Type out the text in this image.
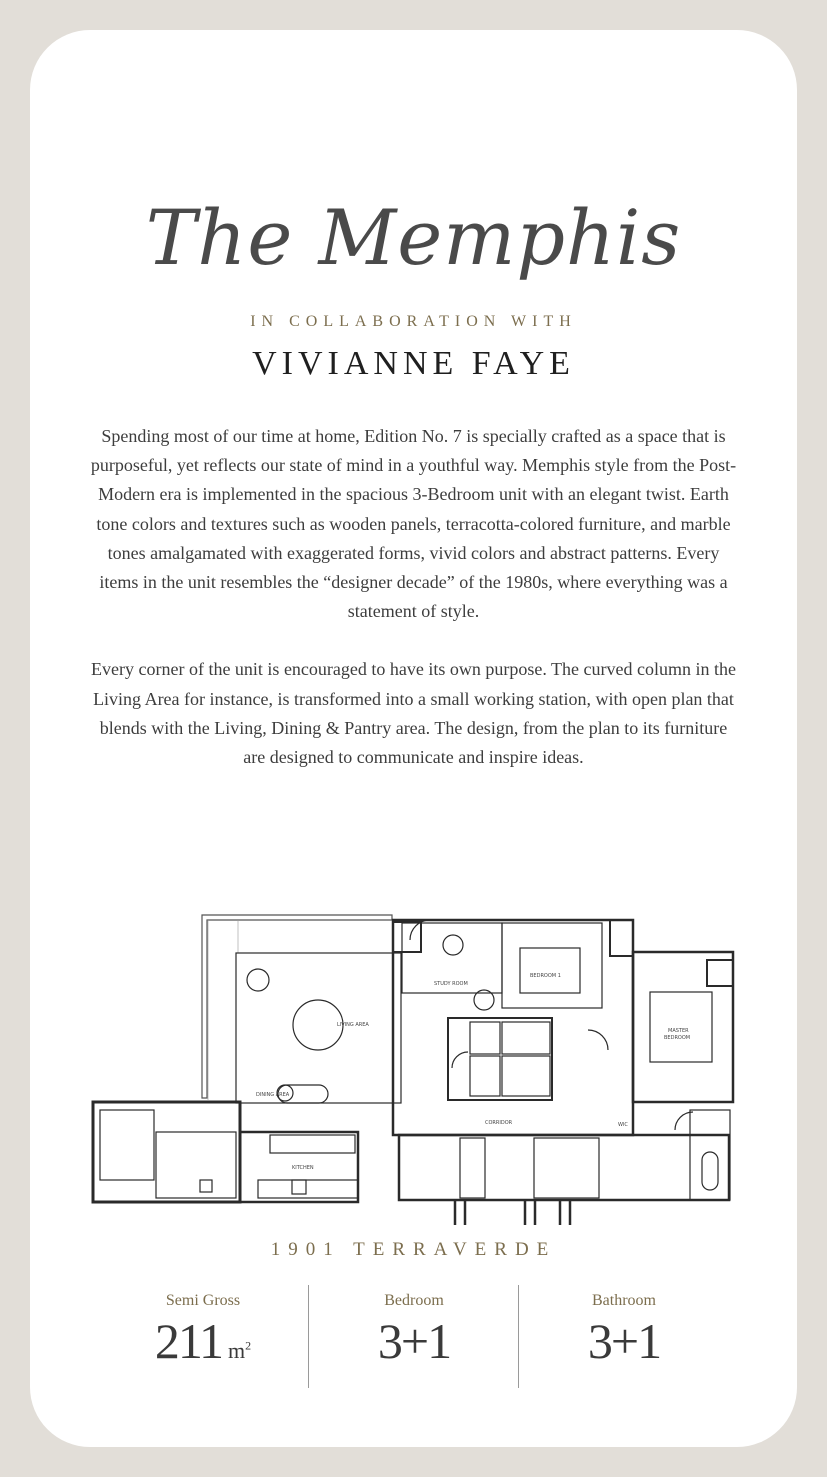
The Memphis
IN COLLABORATION WITH
VIVIANNE FAYE

Spending most of our time at home, Edition No. 7 is specially crafted as a space that is purposeful, yet reflects our state of mind in a youthful way. Memphis style from the Post-Modern era is implemented in the spacious 3-Bedroom unit with an elegant twist. Earth tone colors and textures such as wooden panels, terracotta-colored furniture, and marble tones amalgamated with exaggerated forms, vivid colors and abstract patterns. Every items in the unit resembles the “designer decade” of the 1980s, where everything was a statement of style.

Every corner of the unit is encouraged to have its own purpose. The curved column in the Living Area for instance, is transformed into a small working station, with open plan that blends with the Living, Dining & Pantry area. The design, from the plan to its furniture are designed to communicate and inspire ideas.

STUDY ROOM
BEDROOM 1
MASTER
BEDROOM
LIVING AREA
DINING AREA
KITCHEN
CORRIDOR	WIC
1901 TERRAVERDE
Semi Gross
211 $m^2$
Bedroom
3+1
Bathroom
3+1
